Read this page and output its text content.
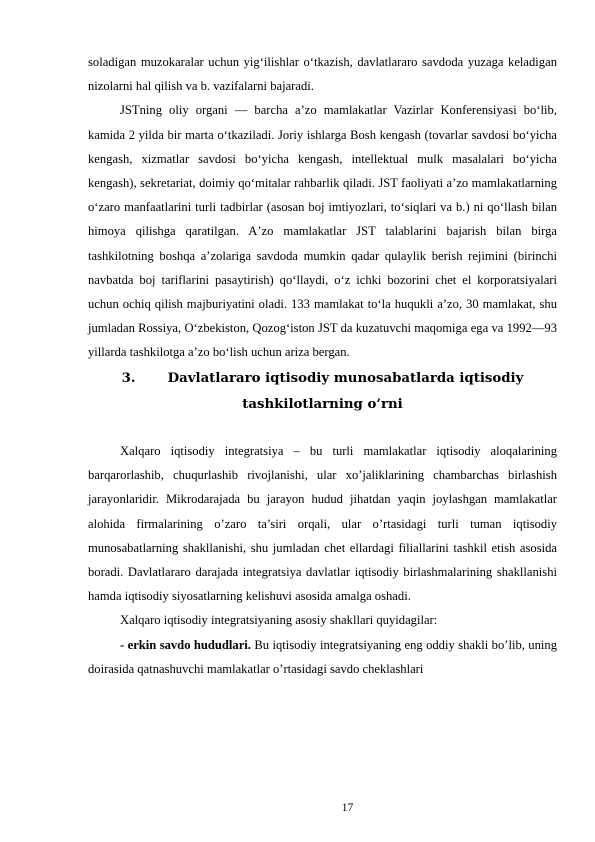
soladigan muzokaralar uchun yigʻilishlar oʻtkazish, davlatlararo savdoda yuzaga keladigan nizolarni hal qilish va b. vazifalarni bajaradi.

JSTning oliy organi — barcha aʼzo mamlakatlar Vazirlar Konferensiyasi boʻlib, kamida 2 yilda bir marta oʻtkaziladi. Joriy ishlarga Bosh kengash (tovarlar savdosi boʻyicha kengash, xizmatlar savdosi boʻyicha kengash, intellektual mulk masalalari boʻyicha kengash), sekretariat, doimiy qoʻmitalar rahbarlik qiladi. JST faoliyati aʼzo mamlakatlarning oʻzaro manfaatlarini turli tadbirlar (asosan boj imtiyozlari, toʻsiqlari va b.) ni qoʻllash bilan himoya qilishga qaratilgan. Aʼzo mamlakatlar JST talablarini bajarish bilan birga tashkilotning boshqa aʼzolariga savdoda mumkin qadar qulaylik berish rejimini (birinchi navbatda boj tariflarini pasaytirish) qoʻllaydi, oʻz ichki bozorini chet el korporatsiyalari uchun ochiq qilish majburiyatini oladi. 133 mamlakat toʻla huqukli aʼzo, 30 mamlakat, shu jumladan Rossiya, Oʻzbekiston, Qozogʻiston JST da kuzatuvchi maqomiga ega va 1992—93 yillarda tashkilotga aʼzo boʻlish uchun ariza bergan.

3. Davlatlararo iqtisodiy munosabatlarda iqtisodiy
tashkilotlarning o’rni

Xalqaro iqtisodiy integratsiya – bu turli mamlakatlar iqtisodiy aloqalarining barqarorlashib, chuqurlashib rivojlanishi, ular xo’jaliklarining chambarchas birlashish jarayonlaridir. Mikrodarajada bu jarayon hudud jihatdan yaqin joylashgan mamlakatlar alohida firmalarining o’zaro ta’siri orqali, ular o’rtasidagi turli tuman iqtisodiy munosabatlarning shakllanishi, shu jumladan chet ellardagi filiallarini tashkil etish asosida boradi. Davlatlararo darajada integratsiya davlatlar iqtisodiy birlashmalarining shakllanishi hamda iqtisodiy siyosatlarning kelishuvi asosida amalga oshadi.

Xalqaro iqtisodiy integratsiyaning asosiy shakllari quyidagilar:

- erkin savdo hududlari. Bu iqtisodiy integratsiyaning eng oddiy shakli bo’lib, uning doirasida qatnashuvchi mamlakatlar o’rtasidagi savdo cheklashlari

17
